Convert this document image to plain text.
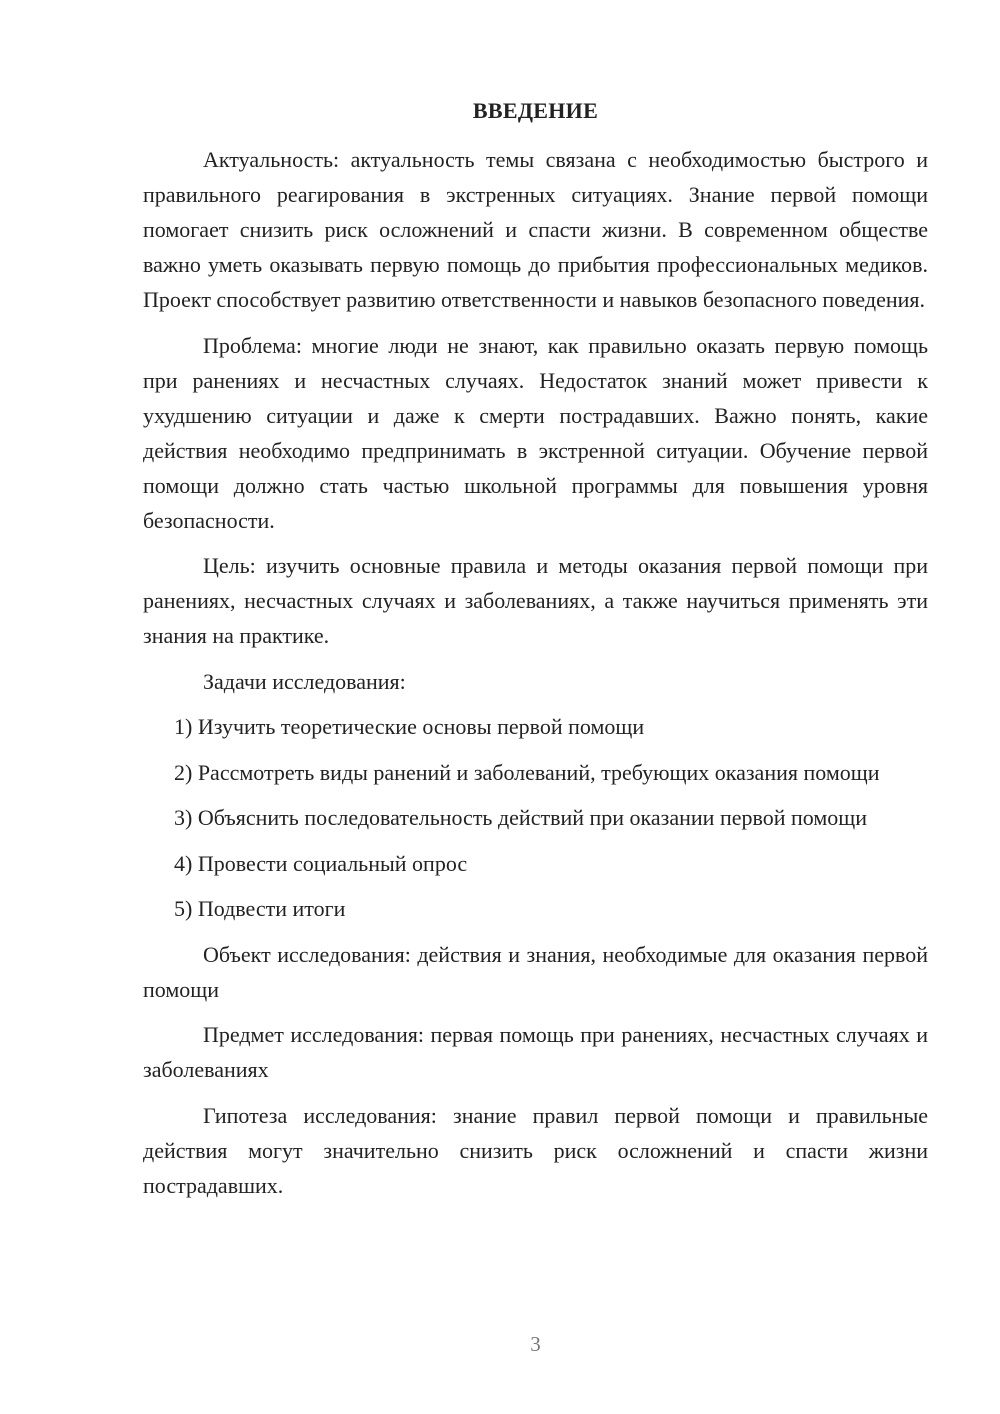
ВВЕДЕНИЕ

Актуальность: актуальность темы связана с необходимостью быстрого и правильного реагирования в экстренных ситуациях. Знание первой помощи помогает снизить риск осложнений и спасти жизни. В современном обществе важно уметь оказывать первую помощь до прибытия профессиональных медиков. Проект способствует развитию ответственности и навыков безопасного поведения.

Проблема: многие люди не знают, как правильно оказать первую помощь при ранениях и несчастных случаях. Недостаток знаний может привести к ухудшению ситуации и даже к смерти пострадавших. Важно понять, какие действия необходимо предпринимать в экстренной ситуации. Обучение первой помощи должно стать частью школьной программы для повышения уровня безопасности.

Цель: изучить основные правила и методы оказания первой помощи при ранениях, несчастных случаях и заболеваниях, а также научиться применять эти знания на практике.

Задачи исследования:

1) Изучить теоретические основы первой помощи

2) Рассмотреть виды ранений и заболеваний, требующих оказания помощи

3) Объяснить последовательность действий при оказании первой помощи

4) Провести социальный опрос

5) Подвести итоги

Объект исследования: действия и знания, необходимые для оказания первой помощи

Предмет исследования: первая помощь при ранениях, несчастных случаях и заболеваниях

Гипотеза исследования: знание правил первой помощи и правильные действия могут значительно снизить риск осложнений и спасти жизни пострадавших.

3
